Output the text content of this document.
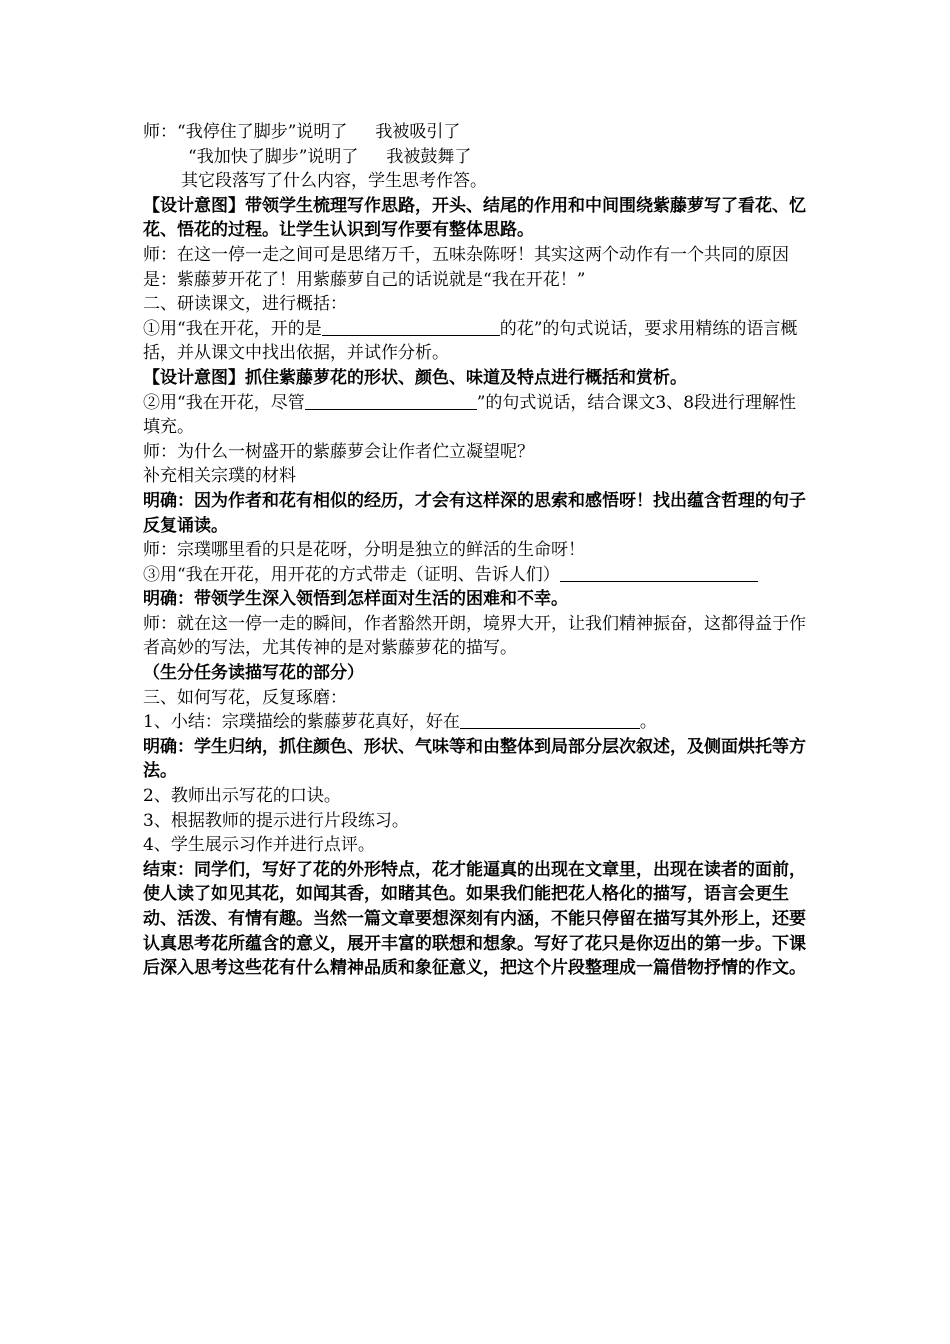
师：“我停住了脚步”说明了 我被吸引了
“我加快了脚步”说明了 我被鼓舞了
其它段落写了什么内容，学生思考作答。
【设计意图】带领学生梳理写作思路，开头、结尾的作用和中间围绕紫藤萝写了看花、忆花、悟花的过程。让学生认识到写作要有整体思路。
师：在这一停一走之间可是思绪万千，五味杂陈呀！其实这两个动作有一个共同的原因是：紫藤萝开花了！用紫藤萝自己的话说就是“我在开花！”
二、研读课文，进行概括：
①用“我在开花，开的是	的花”的句式说话，要求用精练的语言概括，并从课文中找出依据，并试作分析。
【设计意图】抓住紫藤萝花的形状、颜色、味道及特点进行概括和赏析。
②用“我在开花，尽管	”的句式说话，结合课文3、8段进行理解性填充。
师：为什么一树盛开的紫藤萝会让作者伫立凝望呢？
补充相关宗璞的材料
明确：因为作者和花有相似的经历，才会有这样深的思索和感悟呀！找出蕴含哲理的句子反复诵读。
师：宗璞哪里看的只是花呀，分明是独立的鲜活的生命呀！
③用“我在开花，用开花的方式带走（证明、告诉人们）
明确：带领学生深入领悟到怎样面对生活的困难和不幸。
师：就在这一停一走的瞬间，作者豁然开朗，境界大开，让我们精神振奋，这都得益于作者高妙的写法，尤其传神的是对紫藤萝花的描写。
（生分任务读描写花的部分）
三、如何写花，反复琢磨：
1、小结：宗璞描绘的紫藤萝花真好，好在	。
明确：学生归纳，抓住颜色、形状、气味等和由整体到局部分层次叙述，及侧面烘托等方法。
2、教师出示写花的口诀。
3、根据教师的提示进行片段练习。
4、学生展示习作并进行点评。
结束：同学们，写好了花的外形特点，花才能逼真的出现在文章里，出现在读者的面前，使人读了如见其花，如闻其香，如睹其色。如果我们能把花人格化的描写，语言会更生动、活泼、有情有趣。当然一篇文章要想深刻有内涵，不能只停留在描写其外形上，还要认真思考花所蕴含的意义，展开丰富的联想和想象。写好了花只是你迈出的第一步。下课后深入思考这些花有什么精神品质和象征意义，把这个片段整理成一篇借物抒情的作文。
